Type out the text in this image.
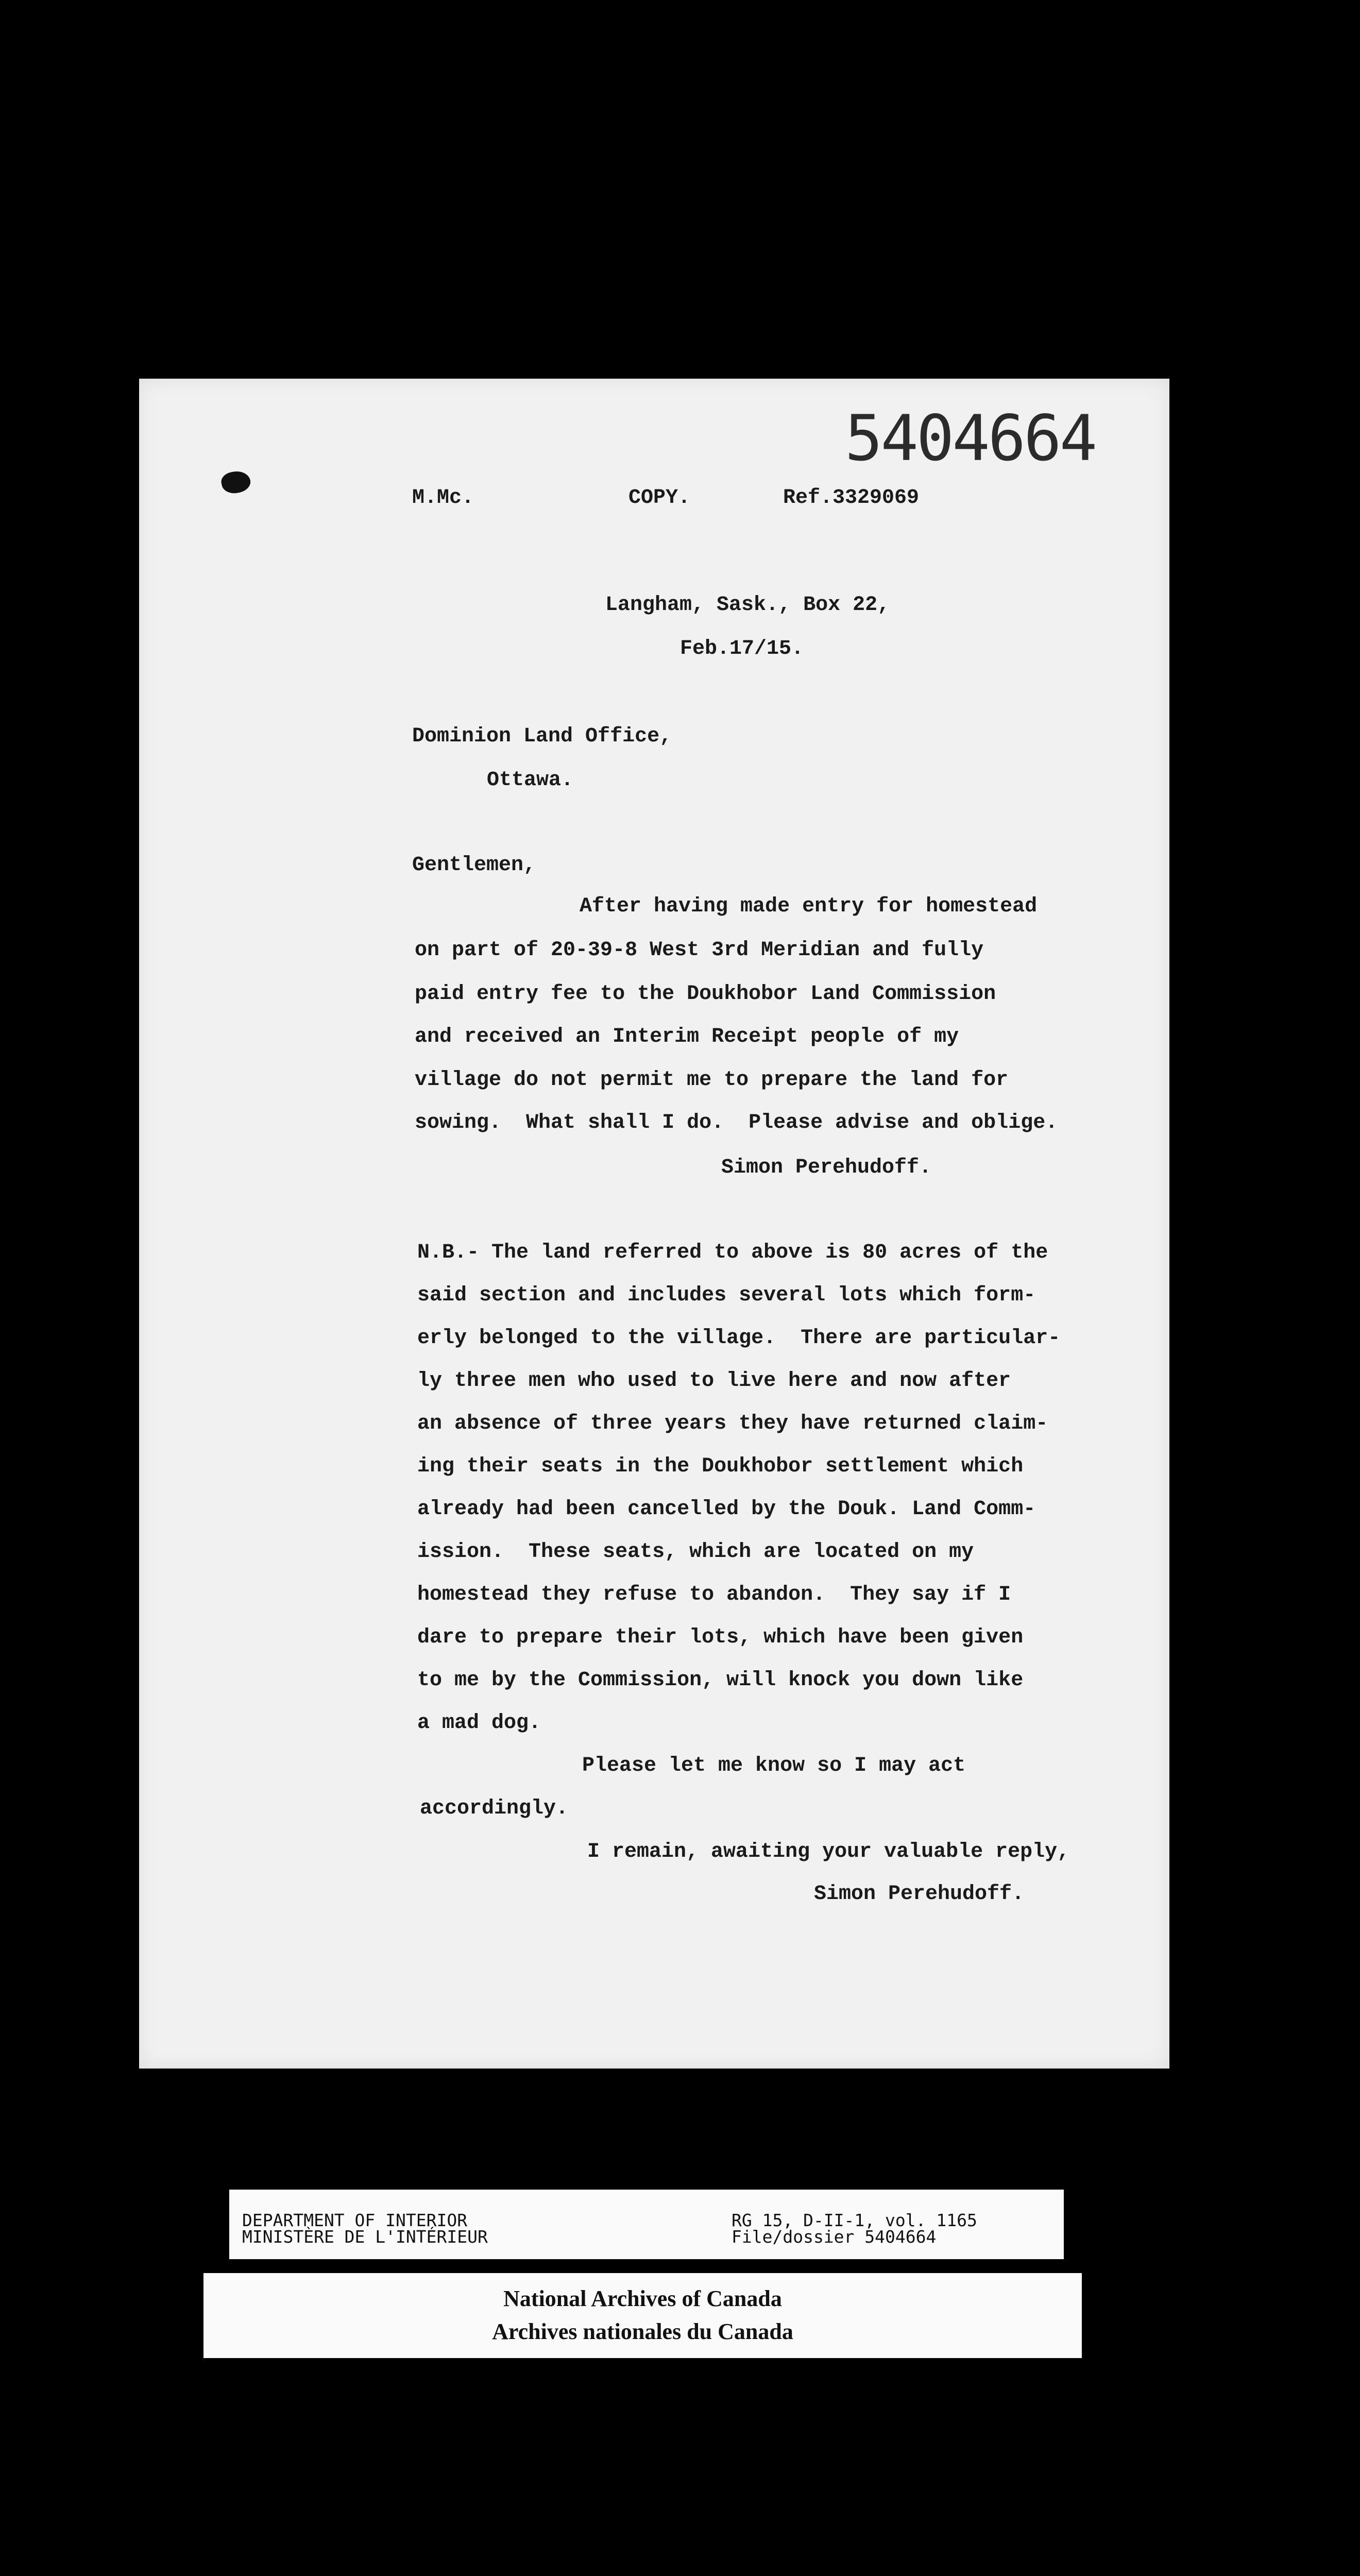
5404664
M.Mc.	COPY.	Ref.3329069
Langham, Sask., Box 22,
Feb.17/15.
Dominion Land Office,
Ottawa.
Gentlemen,
After having made entry for homestead
on part of 20-39-8 West 3rd Meridian and fully
paid entry fee to the Doukhobor Land Commission
and received an Interim Receipt people of my
village do not permit me to prepare the land for
sowing.  What shall I do.  Please advise and oblige.
Simon Perehudoff.
N.B.- The land referred to above is 80 acres of the
said section and includes several lots which form-
erly belonged to the village.  There are particular-
ly three men who used to live here and now after
an absence of three years they have returned claim-
ing their seats in the Doukhobor settlement which
already had been cancelled by the Douk. Land Comm-
ission.  These seats, which are located on my
homestead they refuse to abandon.  They say if I
dare to prepare their lots, which have been given
to me by the Commission, will knock you down like
a mad dog.
Please let me know so I may act
accordingly.
I remain, awaiting your valuable reply,
Simon Perehudoff.
DEPARTMENT OF INTERIOR
MINISTÈRE DE L'INTÉRIEUR
RG 15, D-II-1, vol. 1165
File/dossier 5404664
National Archives of Canada
Archives nationales du Canada
